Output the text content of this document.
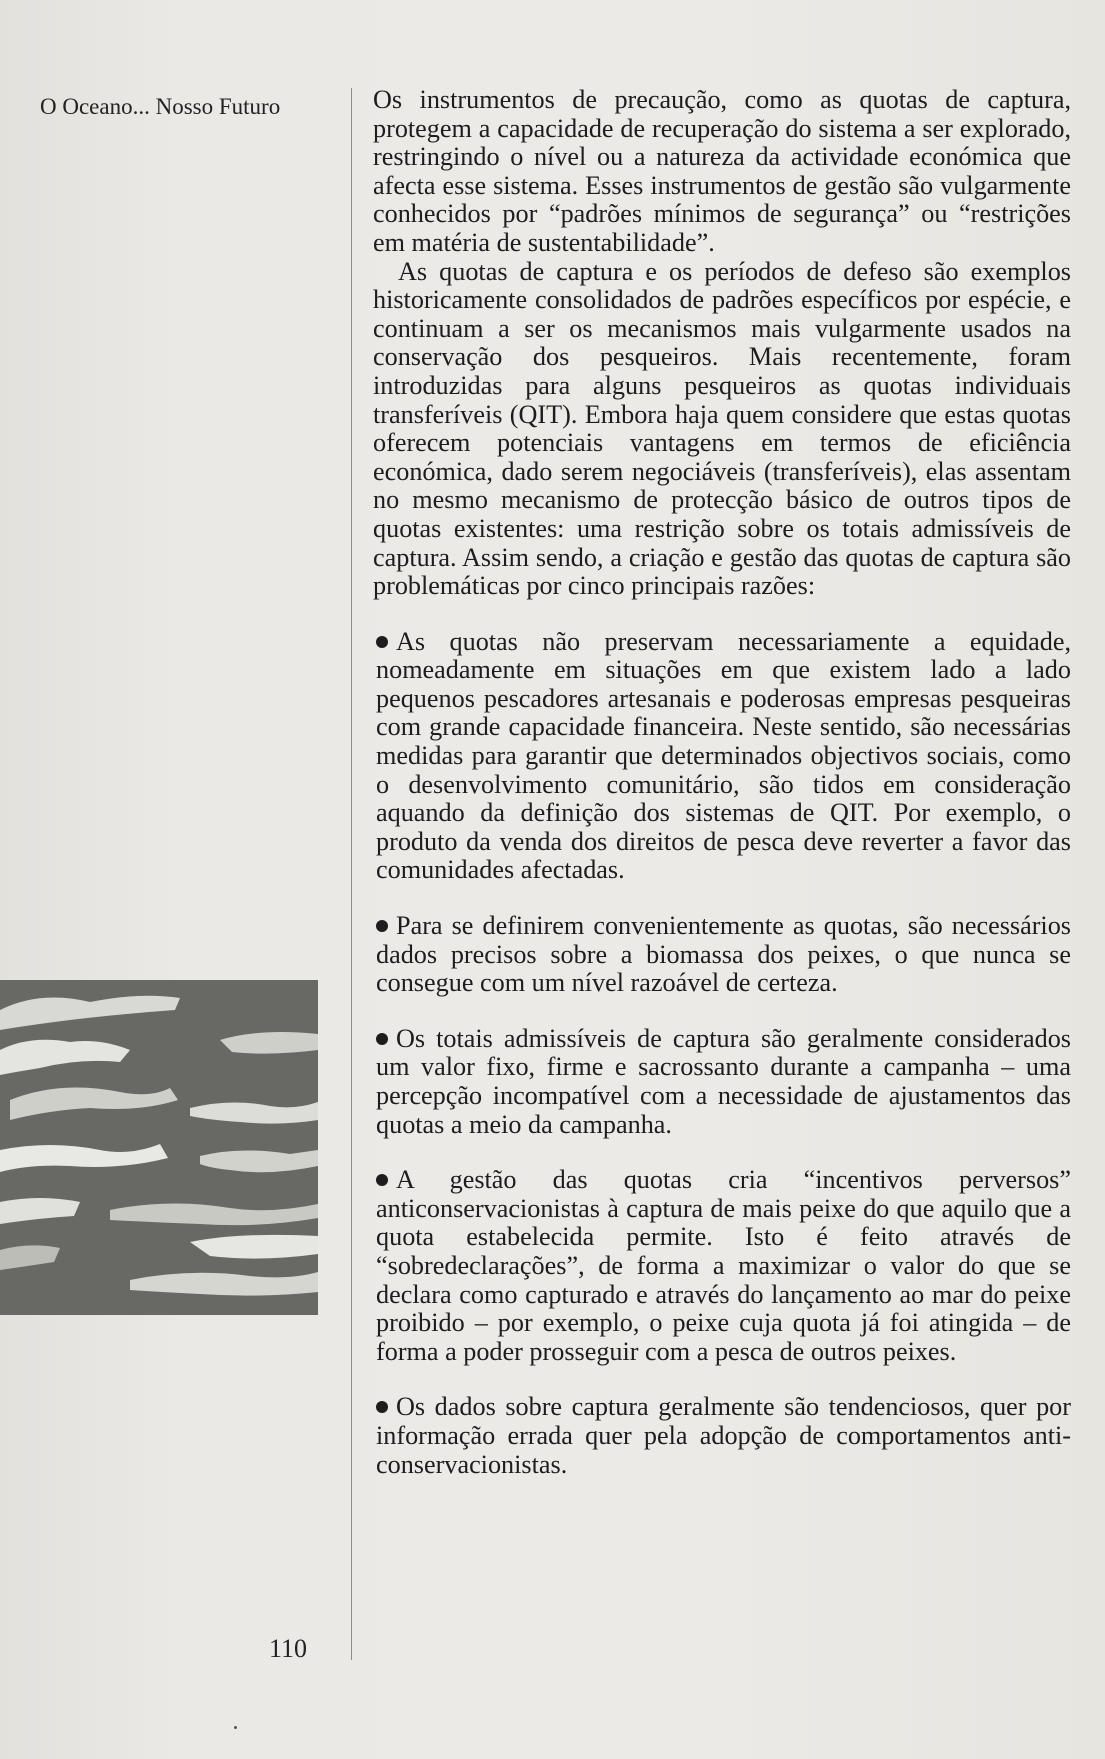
O Oceano... Nosso Futuro	Os instrumentos de precaução, como as quotas de captura, protegem a capacidade de recuperação do sistema a ser explorado, restringindo o nível ou a natureza da actividade económica que afecta esse sistema. Esses instrumentos de gestão são vulgarmente conhecidos por “padrões mínimos de segurança” ou “restrições em matéria de sustentabilidade”.

As quotas de captura e os períodos de defeso são exemplos historicamente consolidados de padrões específicos por espécie, e continuam a ser os mecanismos mais vulgarmente usados na conservação dos pesqueiros. Mais recentemente, foram introduzidas para alguns pesqueiros as quotas individuais transferíveis (QIT). Embora haja quem considere que estas quotas oferecem potenciais vantagens em termos de eficiência económica, dado serem negociáveis (transferíveis), elas assentam no mesmo mecanismo de protecção básico de outros tipos de quotas existentes: uma restrição sobre os totais admissíveis de captura. Assim sendo, a criação e gestão das quotas de captura são problemáticas por cinco principais razões:

As quotas não preservam necessariamente a equidade, nomeadamente em situações em que existem lado a lado pequenos pescadores artesanais e poderosas empresas pesqueiras com grande capacidade financeira. Neste sentido, são necessárias medidas para garantir que determinados objectivos sociais, como o desenvolvimento comunitário, são tidos em consideração aquando da definição dos sistemas de QIT. Por exemplo, o produto da venda dos direitos de pesca deve reverter a favor das comunidades afectadas.
Para se definirem convenientemente as quotas, são necessários dados precisos sobre a biomassa dos peixes, o que nunca se consegue com um nível razoável de certeza.
Os totais admissíveis de captura são geralmente considerados um valor fixo, firme e sacrossanto durante a campanha – uma percepção incompatível com a necessidade de ajustamentos das quotas a meio da campanha.
A gestão das quotas cria “incentivos perversos” anticonservacionistas à captura de mais peixe do que aquilo que a quota estabelecida permite. Isto é feito através de “sobredeclarações”, de forma a maximizar o valor do que se declara como capturado e através do lançamento ao mar do peixe proibido – por exemplo, o peixe cuja quota já foi atingida – de forma a poder prosseguir com a pesca de outros peixes.
Os dados sobre captura geralmente são tendenciosos, quer por informação errada quer pela adopção de comportamentos anti-conservacionistas.
110
